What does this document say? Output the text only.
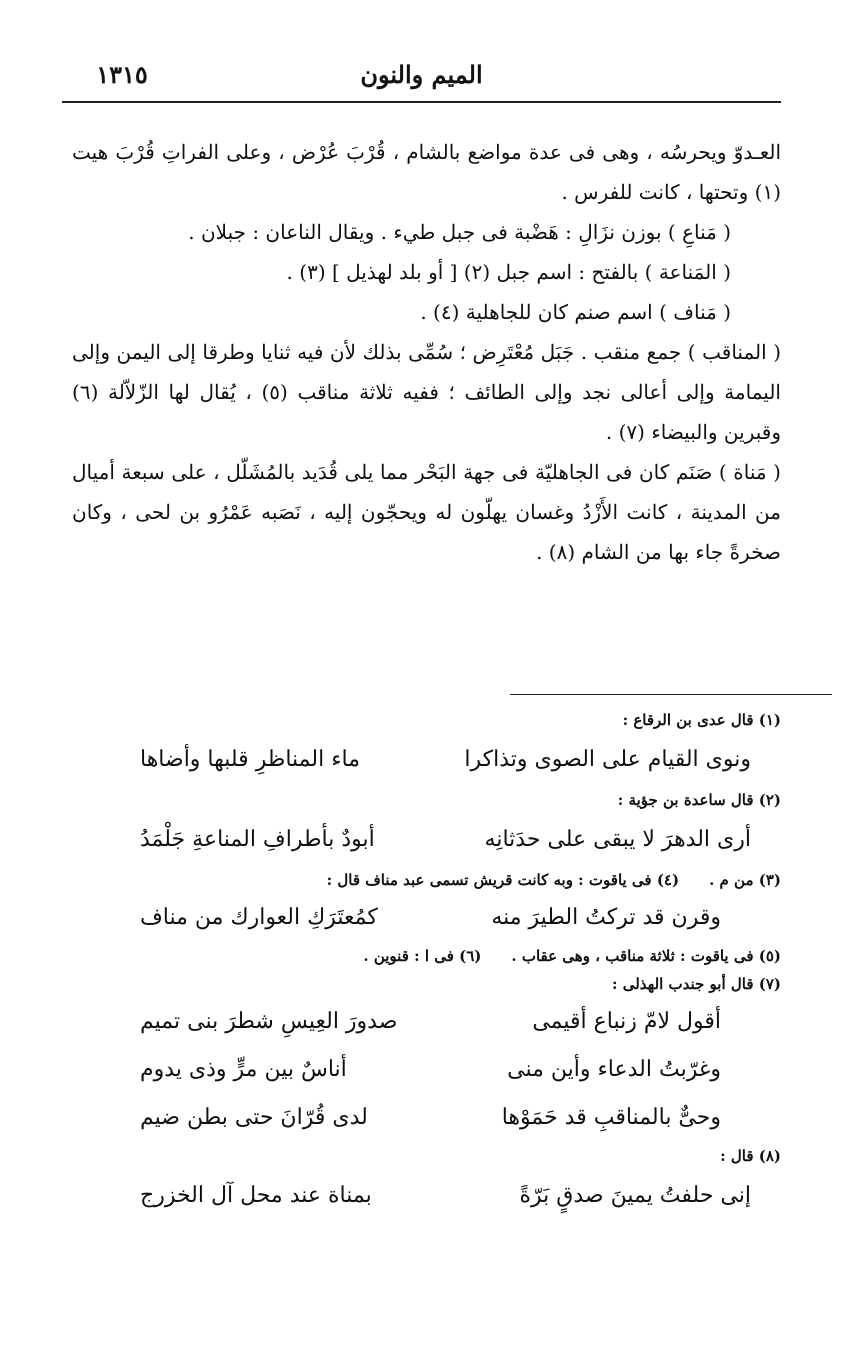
الميم والنون
١٣١٥

العـدوّ ويحرسُه ، وهى فى عدة مواضع بالشام ، قُرْبَ عُرْض ، وعلى الفراتِ قُرْبَ هيت (١) وتحتها ، كانت للفرس .

( مَناعِ ) بوزن نزَالِ : هَضْبة فى جبل طيء . ويقال الناعان : جبلان .

( المَناعة ) بالفتح : اسم جبل (٢) [ أو بلد لهذيل ] (٣) .

( مَناف ) اسم صنم كان للجاهلية (٤) .

( المناقب ) جمع منقب . جَبَل مُعْتَرِض ؛ سُمِّى بذلك لأن فيه ثنايا وطرقا إلى اليمن وإلى اليمامة وإلى أعالى نجد وإلى الطائف ؛ ففيه ثلاثة مناقب (٥) ، يُقال لها الزّلاّلة (٦) وقبرين والبيضاء (٧) .

( مَناة ) صَنَم كان فى الجاهليّة فى جهة البَحْر مما يلى قُدَيد بالمُشَلّل ، على سبعة أميال من المدينة ، كانت الأَزْدُ وغسان يهلّون له ويحجّون إليه ، نَصَبه عَمْرُو بن لحى ، وكان صخرةً جاء بها من الشام (٨) .

(١) قال عدى بن الرقاع :

ونوى القيام على الصوى وتذاكرا
ماء المناظرِ قلبها وأضاها

(٢) قال ساعدة بن جؤية :

أرى الدهرَ لا يبقى على حدَثانِه
أبودٌ بأطرافِ المناعةِ جَلْمَدُ
(٣) من م .
(٤) فى ياقوت : وبه كانت قريش تسمى عبد مناف قال :
وقرن قد تركتُ الطيرَ منه
كمُعتَرَكِ العوارك من مناف
(٥) فى ياقوت : ثلاثة مناقب ، وهى عقاب .
(٦) فى ا : قنوين .

(٧) قال أبو جندب الهذلى :

أقول لامّ زنباع أقيمى
صدورَ العِيسِ شطرَ بنى تميم
وغرّبتُ الدعاء وأين منى
أناسٌ بين مرٍّ وذى يدوم
وحىٌّ بالمناقبِ قد حَمَوْها
لدى قُرّانَ حتى بطن ضيم

(٨) قال :

إنى حلفتُ يمينَ صدقٍ بَرّةً
بمناة عند محل آل الخزرج
